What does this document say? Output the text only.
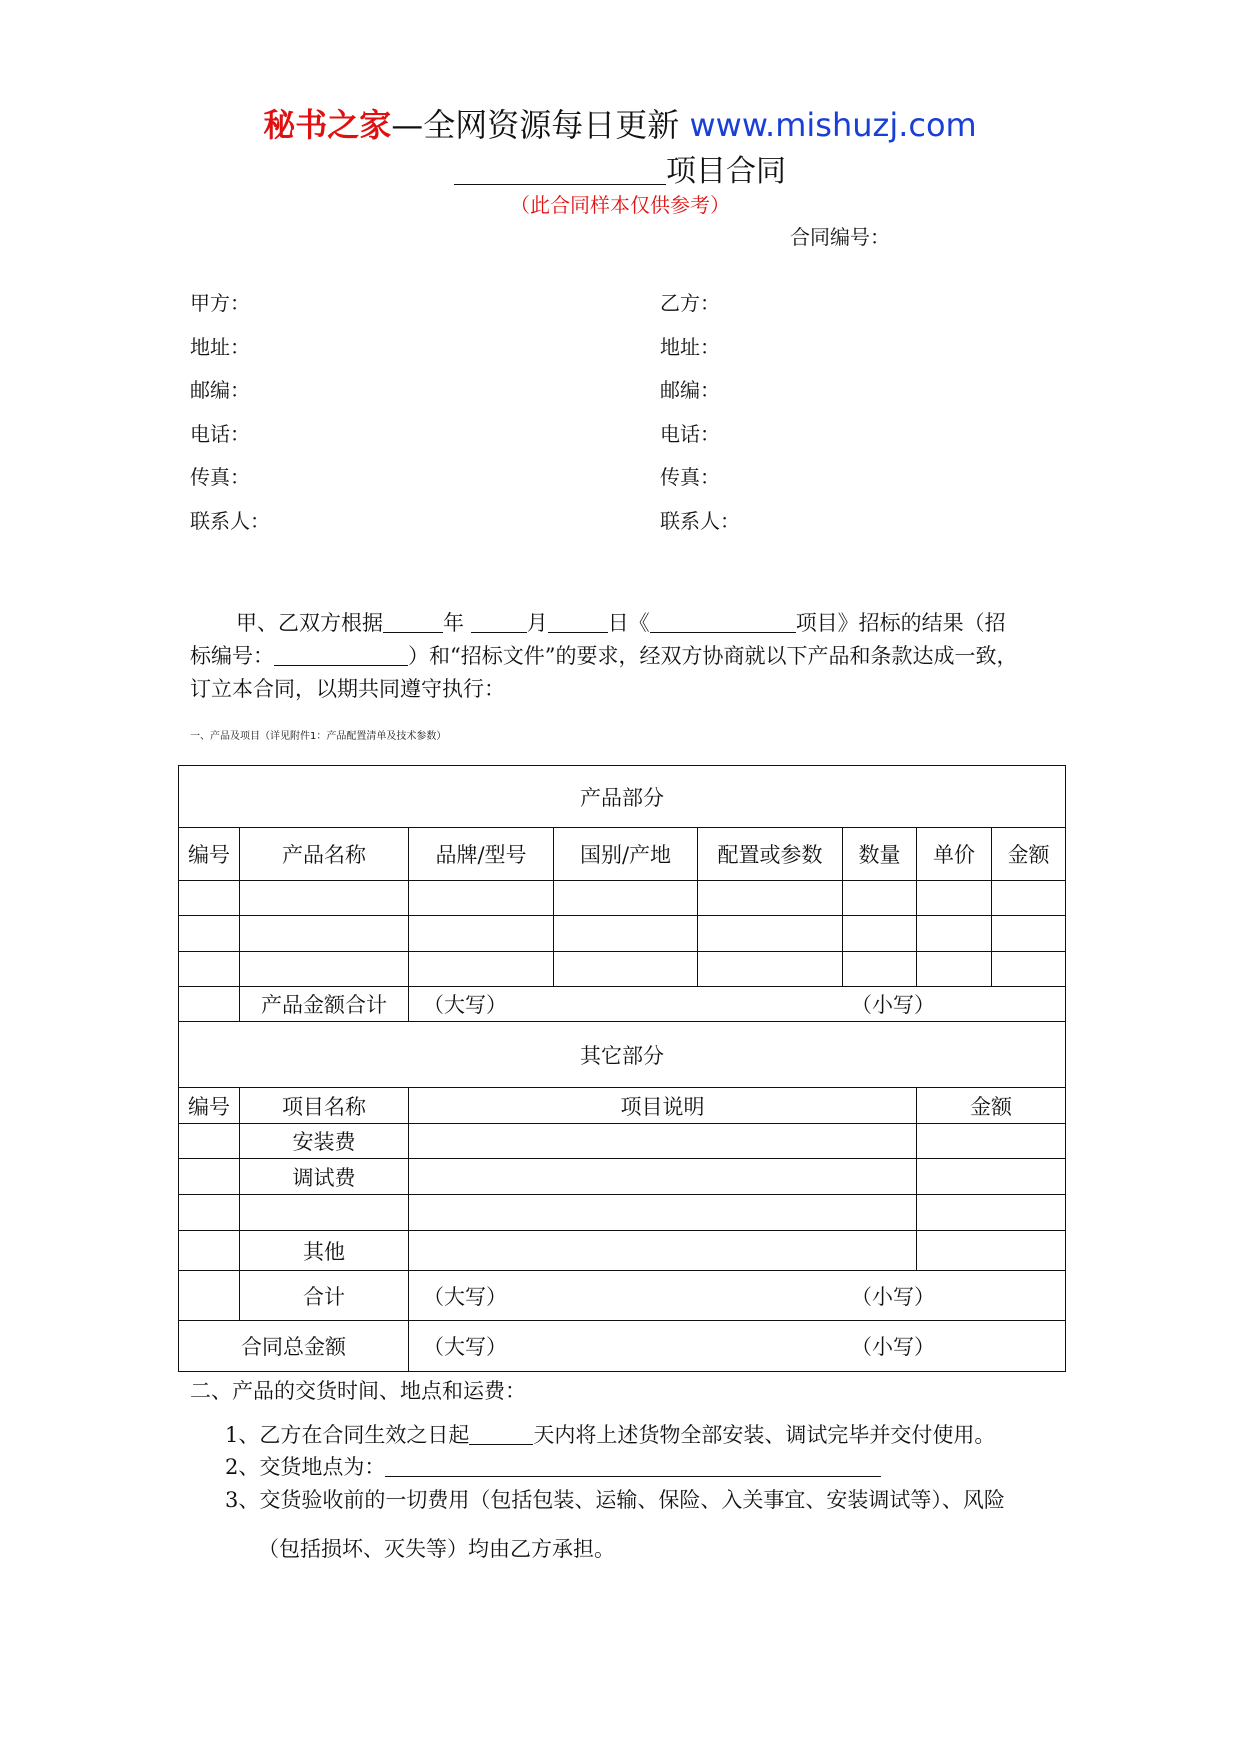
秘书之家—全网资源每日更新 www.mishuzj.com
项目合同
（此合同样本仅供参考）
合同编号：
甲方：
地址：
邮编：
电话：
传真：
联系人：
乙方：
地址：
邮编：
电话：
传真：
联系人：
甲、乙双方根据	年	月	日《	项目》招标的结果（招
标编号：	）和“招标文件”的要求，经双方协商就以下产品和条款达成一致，
订立本合同，以期共同遵守执行：
一、产品及项目（详见附件1：产品配置清单及技术参数）
产品部分							
编号	产品名称	品牌/型号	国别/产地	配置或参数	数量	单价	金额

	产品金额合计	（大写） （小写）					

其它部分							
编号	项目名称	项目说明				金额	
	安装费						
	调试费						

	其他						
	合计	（大写） （小写）					

合同总金额		（大写） （小写）					
二、产品的交货时间、地点和运费：
1、乙方在合同生效之日起	天内将上述货物全部安装、调试完毕并交付使用。
2、交货地点为：
3、交货验收前的一切费用（包括包装、运输、保险、入关事宜、安装调试等）、风险
（包括损坏、灭失等）均由乙方承担。
